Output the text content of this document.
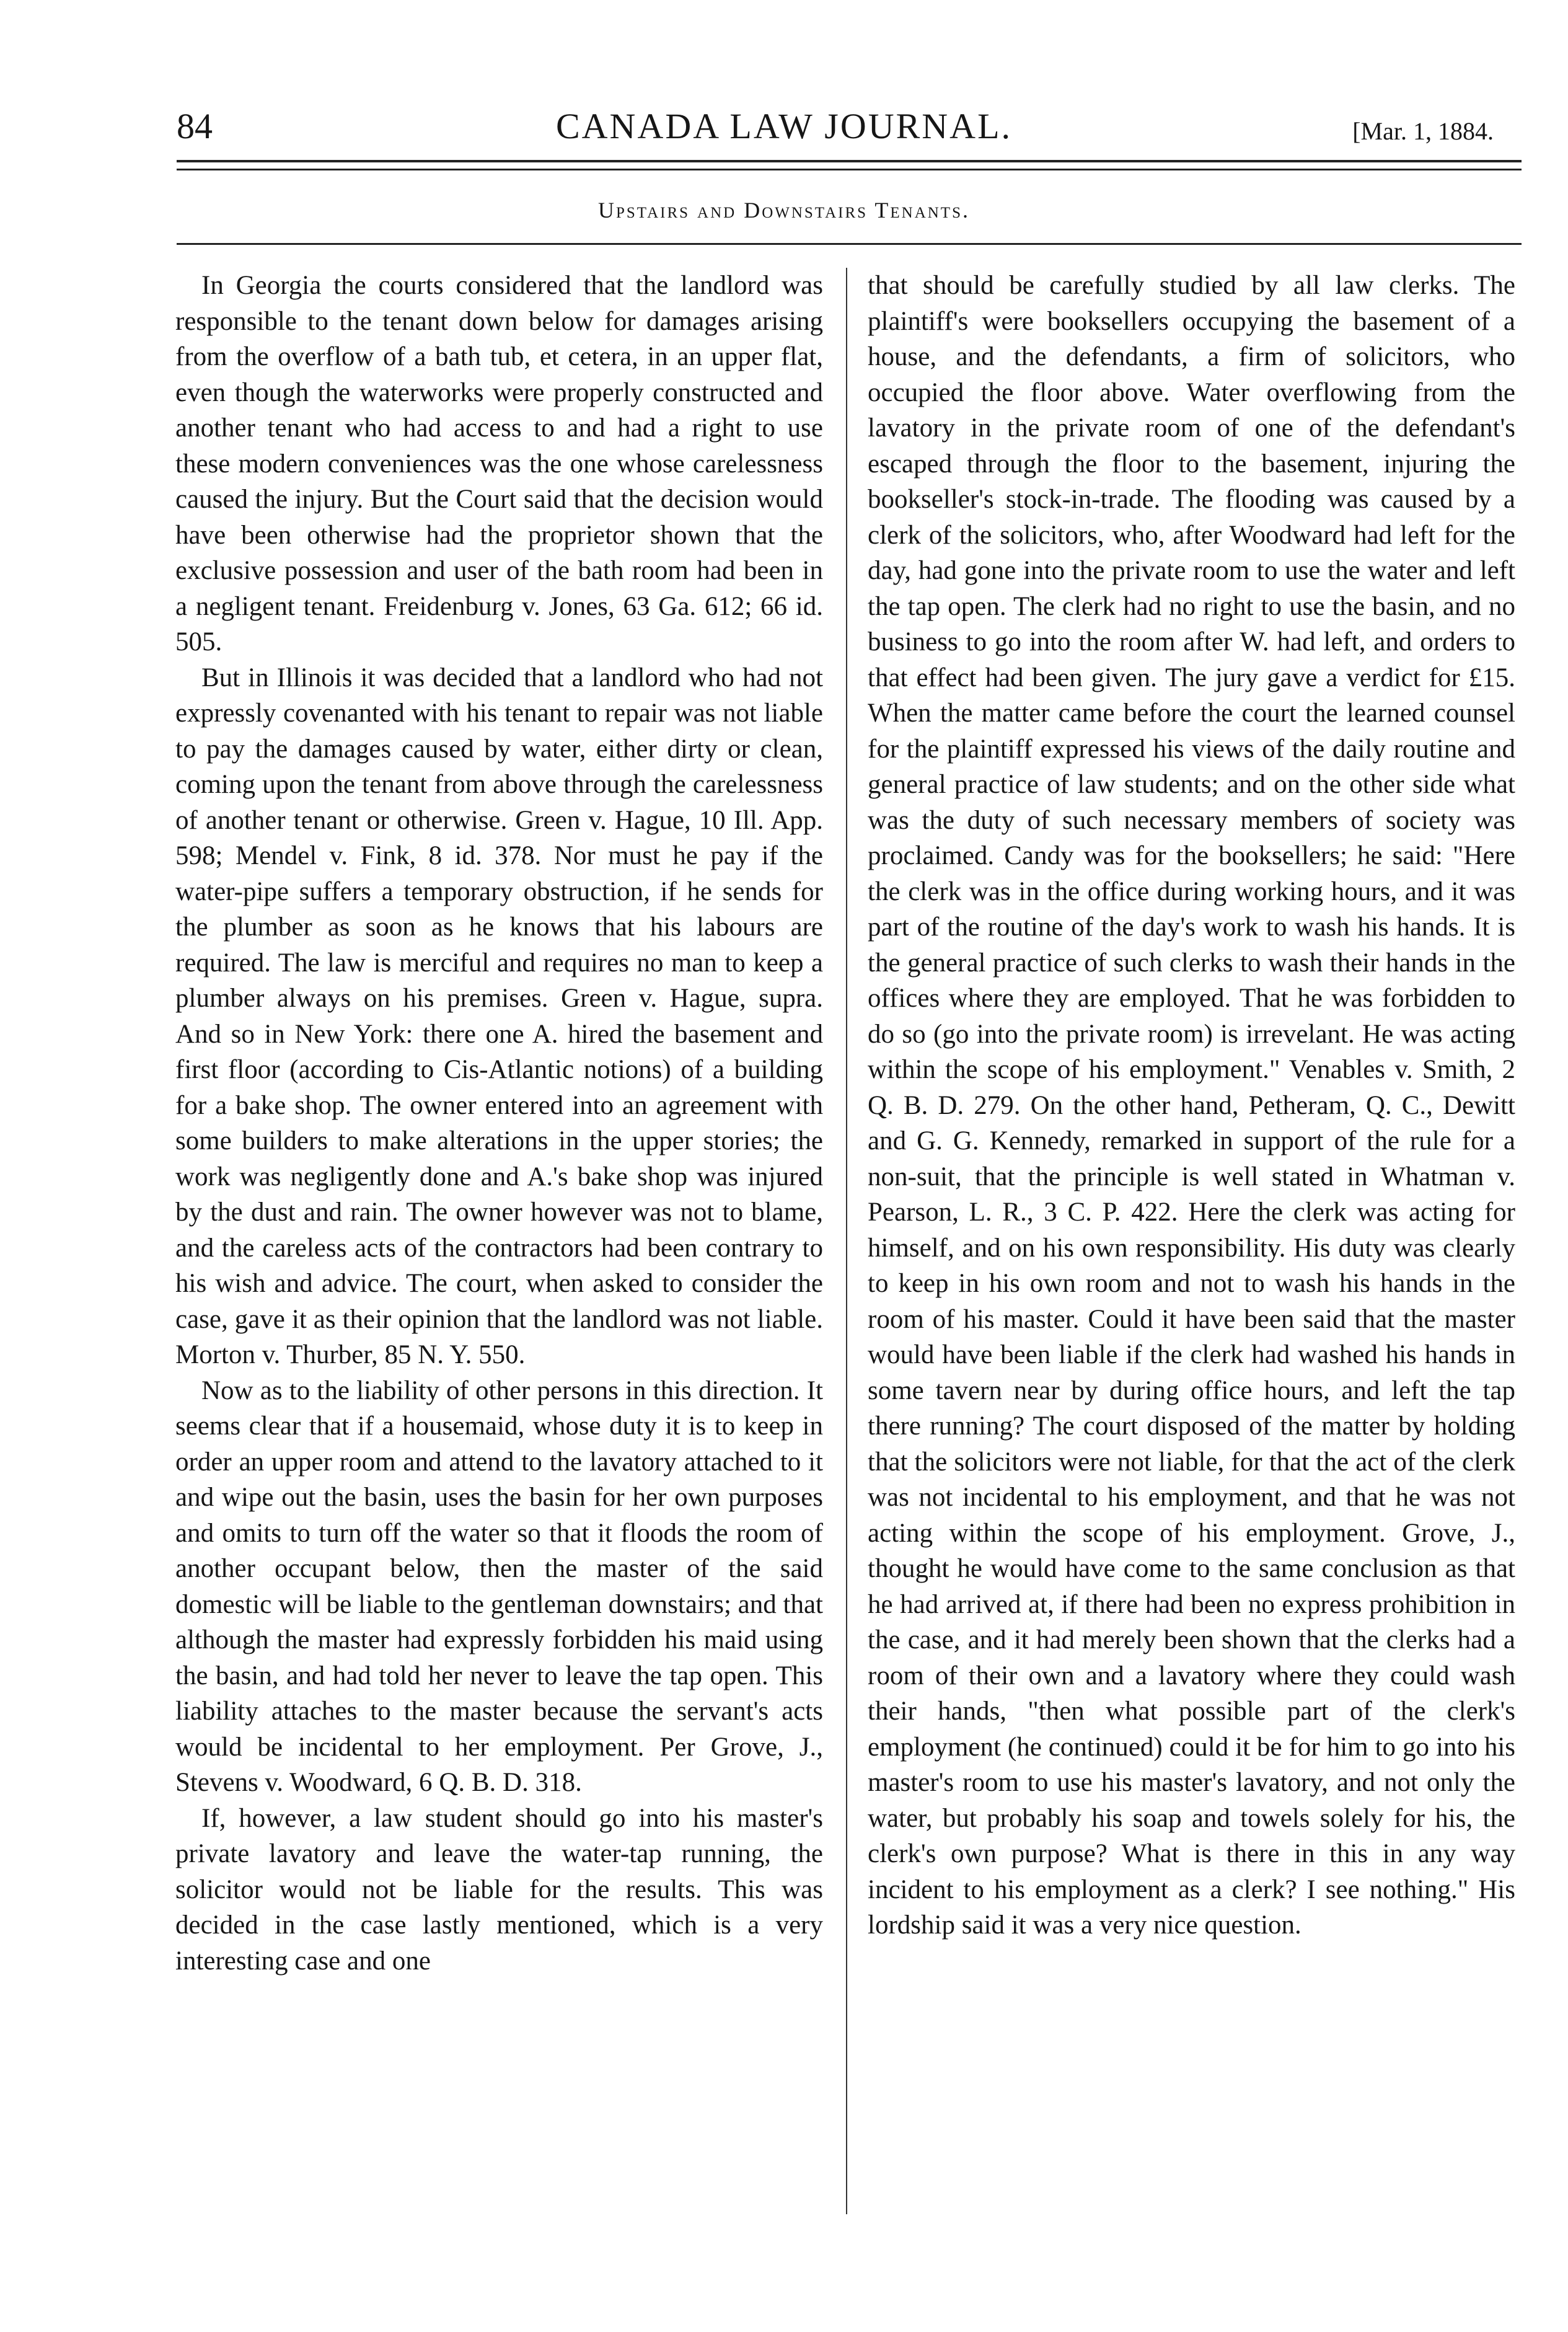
84	CANADA LAW JOURNAL.	[Mar. 1, 1884.
Upstairs and Downstairs Tenants.

In Georgia the courts considered that the landlord was responsible to the tenant down below for damages arising from the overflow of a bath tub, et cetera, in an upper flat, even though the waterworks were properly constructed and another tenant who had access to and had a right to use these modern conveniences was the one whose carelessness caused the injury. But the Court said that the decision would have been otherwise had the proprietor shown that the exclusive possession and user of the bath room had been in a negligent tenant. Freidenburg v. Jones, 63 Ga. 612; 66 id. 505.

But in Illinois it was decided that a landlord who had not expressly covenanted with his tenant to repair was not liable to pay the damages caused by water, either dirty or clean, coming upon the tenant from above through the carelessness of another tenant or otherwise. Green v. Hague, 10 Ill. App. 598; Mendel v. Fink, 8 id. 378. Nor must he pay if the water-pipe suffers a temporary obstruction, if he sends for the plumber as soon as he knows that his labours are required. The law is merciful and requires no man to keep a plumber always on his premises. Green v. Hague, supra. And so in New York: there one A. hired the basement and first floor (according to Cis-Atlantic notions) of a building for a bake shop. The owner entered into an agreement with some builders to make alterations in the upper stories; the work was negligently done and A.'s bake shop was injured by the dust and rain. The owner however was not to blame, and the careless acts of the contractors had been contrary to his wish and advice. The court, when asked to consider the case, gave it as their opinion that the landlord was not liable. Morton v. Thurber, 85 N. Y. 550.

Now as to the liability of other persons in this direction. It seems clear that if a housemaid, whose duty it is to keep in order an upper room and attend to the lavatory attached to it and wipe out the basin, uses the basin for her own purposes and omits to turn off the water so that it floods the room of another occupant below, then the master of the said domestic will be liable to the gentleman downstairs; and that although the master had expressly forbidden his maid using the basin, and had told her never to leave the tap open. This liability attaches to the master because the servant's acts would be incidental to her employment. Per Grove, J., Stevens v. Woodward, 6 Q. B. D. 318.

If, however, a law student should go into his master's private lavatory and leave the water-tap running, the solicitor would not be liable for the results. This was decided in the case lastly mentioned, which is a very interesting case and one

that should be carefully studied by all law clerks. The plaintiff's were booksellers occupying the basement of a house, and the defendants, a firm of solicitors, who occupied the floor above. Water overflowing from the lavatory in the private room of one of the defendant's escaped through the floor to the basement, injuring the bookseller's stock-in-trade. The flooding was caused by a clerk of the solicitors, who, after Woodward had left for the day, had gone into the private room to use the water and left the tap open. The clerk had no right to use the basin, and no business to go into the room after W. had left, and orders to that effect had been given. The jury gave a verdict for £15. When the matter came before the court the learned counsel for the plaintiff expressed his views of the daily routine and general practice of law students; and on the other side what was the duty of such necessary members of society was proclaimed. Candy was for the booksellers; he said: "Here the clerk was in the office during working hours, and it was part of the routine of the day's work to wash his hands. It is the general practice of such clerks to wash their hands in the offices where they are employed. That he was forbidden to do so (go into the private room) is irrevelant. He was acting within the scope of his employment." Venables v. Smith, 2 Q. B. D. 279. On the other hand, Petheram, Q. C., Dewitt and G. G. Kennedy, remarked in support of the rule for a non-suit, that the principle is well stated in Whatman v. Pearson, L. R., 3 C. P. 422. Here the clerk was acting for himself, and on his own responsibility. His duty was clearly to keep in his own room and not to wash his hands in the room of his master. Could it have been said that the master would have been liable if the clerk had washed his hands in some tavern near by during office hours, and left the tap there running? The court disposed of the matter by holding that the solicitors were not liable, for that the act of the clerk was not incidental to his employment, and that he was not acting within the scope of his employment. Grove, J., thought he would have come to the same conclusion as that he had arrived at, if there had been no express prohibition in the case, and it had merely been shown that the clerks had a room of their own and a lavatory where they could wash their hands, "then what possible part of the clerk's employment (he continued) could it be for him to go into his master's room to use his master's lavatory, and not only the water, but probably his soap and towels solely for his, the clerk's own purpose? What is there in this in any way incident to his employment as a clerk? I see nothing." His lordship said it was a very nice question.
